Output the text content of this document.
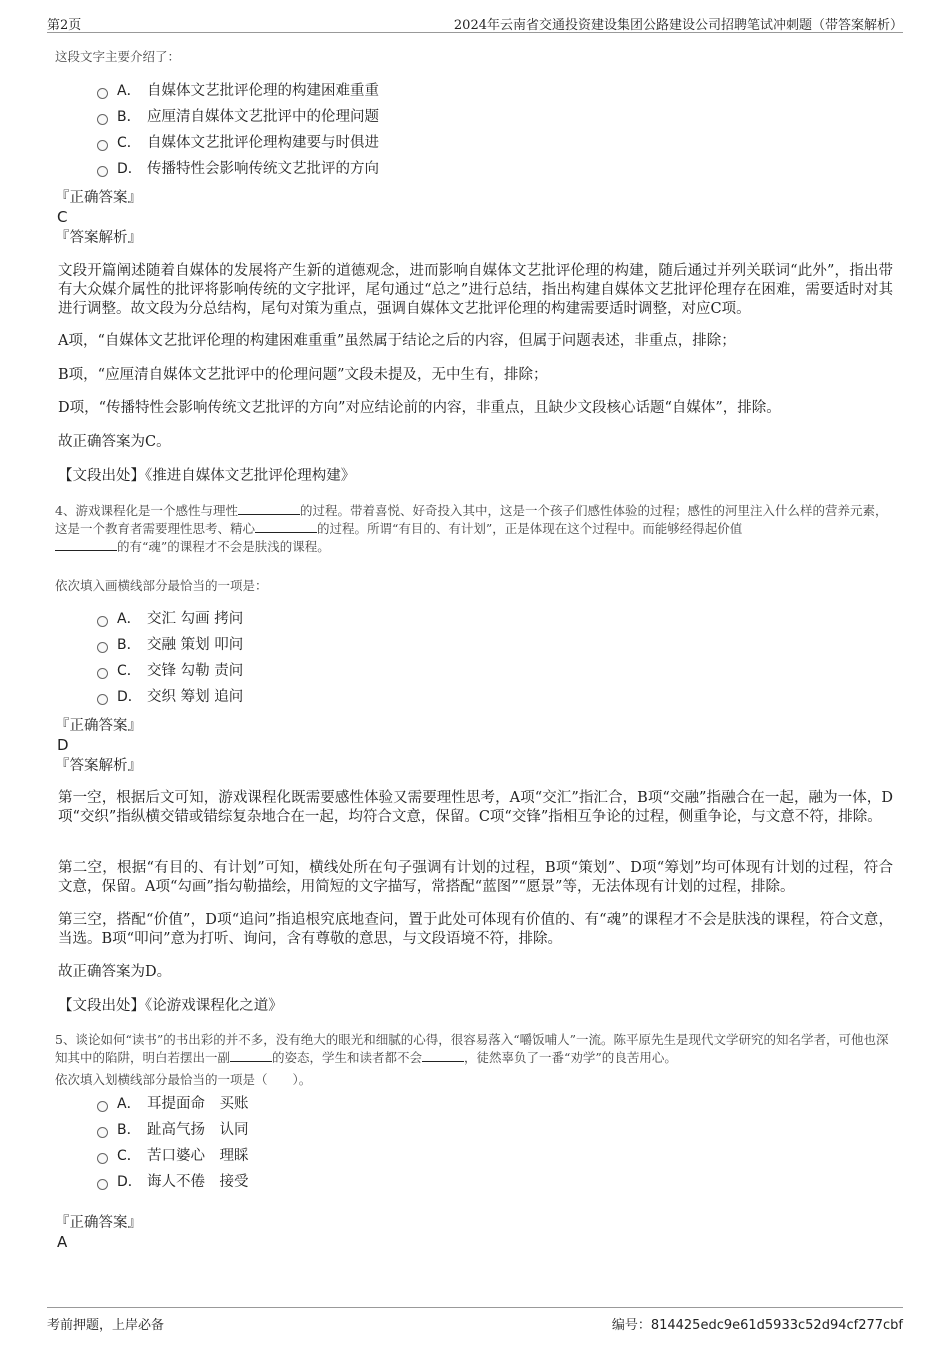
第2页	2024年云南省交通投资建设集团公路建设公司招聘笔试冲刺题（带答案解析）
这段文字主要介绍了：
A． 自媒体文艺批评伦理的构建困难重重
B． 应厘清自媒体文艺批评中的伦理问题
C． 自媒体文艺批评伦理构建要与时俱进
D． 传播特性会影响传统文艺批评的方向
『正确答案』
C
『答案解析』
文段开篇阐述随着自媒体的发展将产生新的道德观念，进而影响自媒体文艺批评伦理的构建，随后通过并列关联词“此外”，指出带有大众媒介属性的批评将影响传统的文字批评，尾句通过“总之”进行总结，指出构建自媒体文艺批评伦理存在困难，需要适时对其进行调整。故文段为分总结构，尾句对策为重点，强调自媒体文艺批评伦理的构建需要适时调整，对应C项。
A项，“自媒体文艺批评伦理的构建困难重重”虽然属于结论之后的内容，但属于问题表述，非重点，排除；
B项，“应厘清自媒体文艺批评中的伦理问题”文段未提及，无中生有，排除；
D项，“传播特性会影响传统文艺批评的方向”对应结论前的内容，非重点，且缺少文段核心话题“自媒体”，排除。
故正确答案为C。
【文段出处】《推进自媒体文艺批评伦理构建》
4、游戏课程化是一个感性与理性	的过程。带着喜悦、好奇投入其中，这是一个孩子们感性体验的过程；感性的河里注入什么样的营养元素，这是一个教育者需要理性思考、精心	的过程。所谓“有目的、有计划”，正是体现在这个过程中。而能够经得起价值
的有“魂”的课程才不会是肤浅的课程。
依次填入画横线部分最恰当的一项是：
A． 交汇 勾画 拷问
B． 交融 策划 叩问
C． 交锋 勾勒 责问
D． 交织 筹划 追问
『正确答案』
D
『答案解析』
第一空，根据后文可知，游戏课程化既需要感性体验又需要理性思考，A项“交汇”指汇合，B项“交融”指融合在一起，融为一体，D项“交织”指纵横交错或错综复杂地合在一起，均符合文意，保留。C项“交锋”指相互争论的过程，侧重争论，与文意不符，排除。
第二空，根据“有目的、有计划”可知，横线处所在句子强调有计划的过程，B项“策划”、D项“筹划”均可体现有计划的过程，符合文意，保留。A项“勾画”指勾勒描绘，用简短的文字描写，常搭配“蓝图”“愿景”等，无法体现有计划的过程，排除。
第三空，搭配“价值”，D项“追问”指追根究底地查问，置于此处可体现有价值的、有“魂”的课程才不会是肤浅的课程，符合文意，当选。B项“叩问”意为打听、询问，含有尊敬的意思，与文段语境不符，排除。
故正确答案为D。
【文段出处】《论游戏课程化之道》
5、谈论如何“读书”的书出彩的并不多，没有绝大的眼光和细腻的心得，很容易落入“嚼饭哺人”一流。陈平原先生是现代文学研究的知名学者，可他也深知其中的陷阱，明白若摆出一副	的姿态，学生和读者都不会	，徒然辜负了一番“劝学”的良苦用心。
依次填入划横线部分最恰当的一项是（　　）。
A． 耳提面命　买账
B． 趾高气扬　认同
C． 苦口婆心　理睬
D． 诲人不倦　接受
『正确答案』
A
考前押题，上岸必备	编号：814425edc9e61d5933c52d94cf277cbf
